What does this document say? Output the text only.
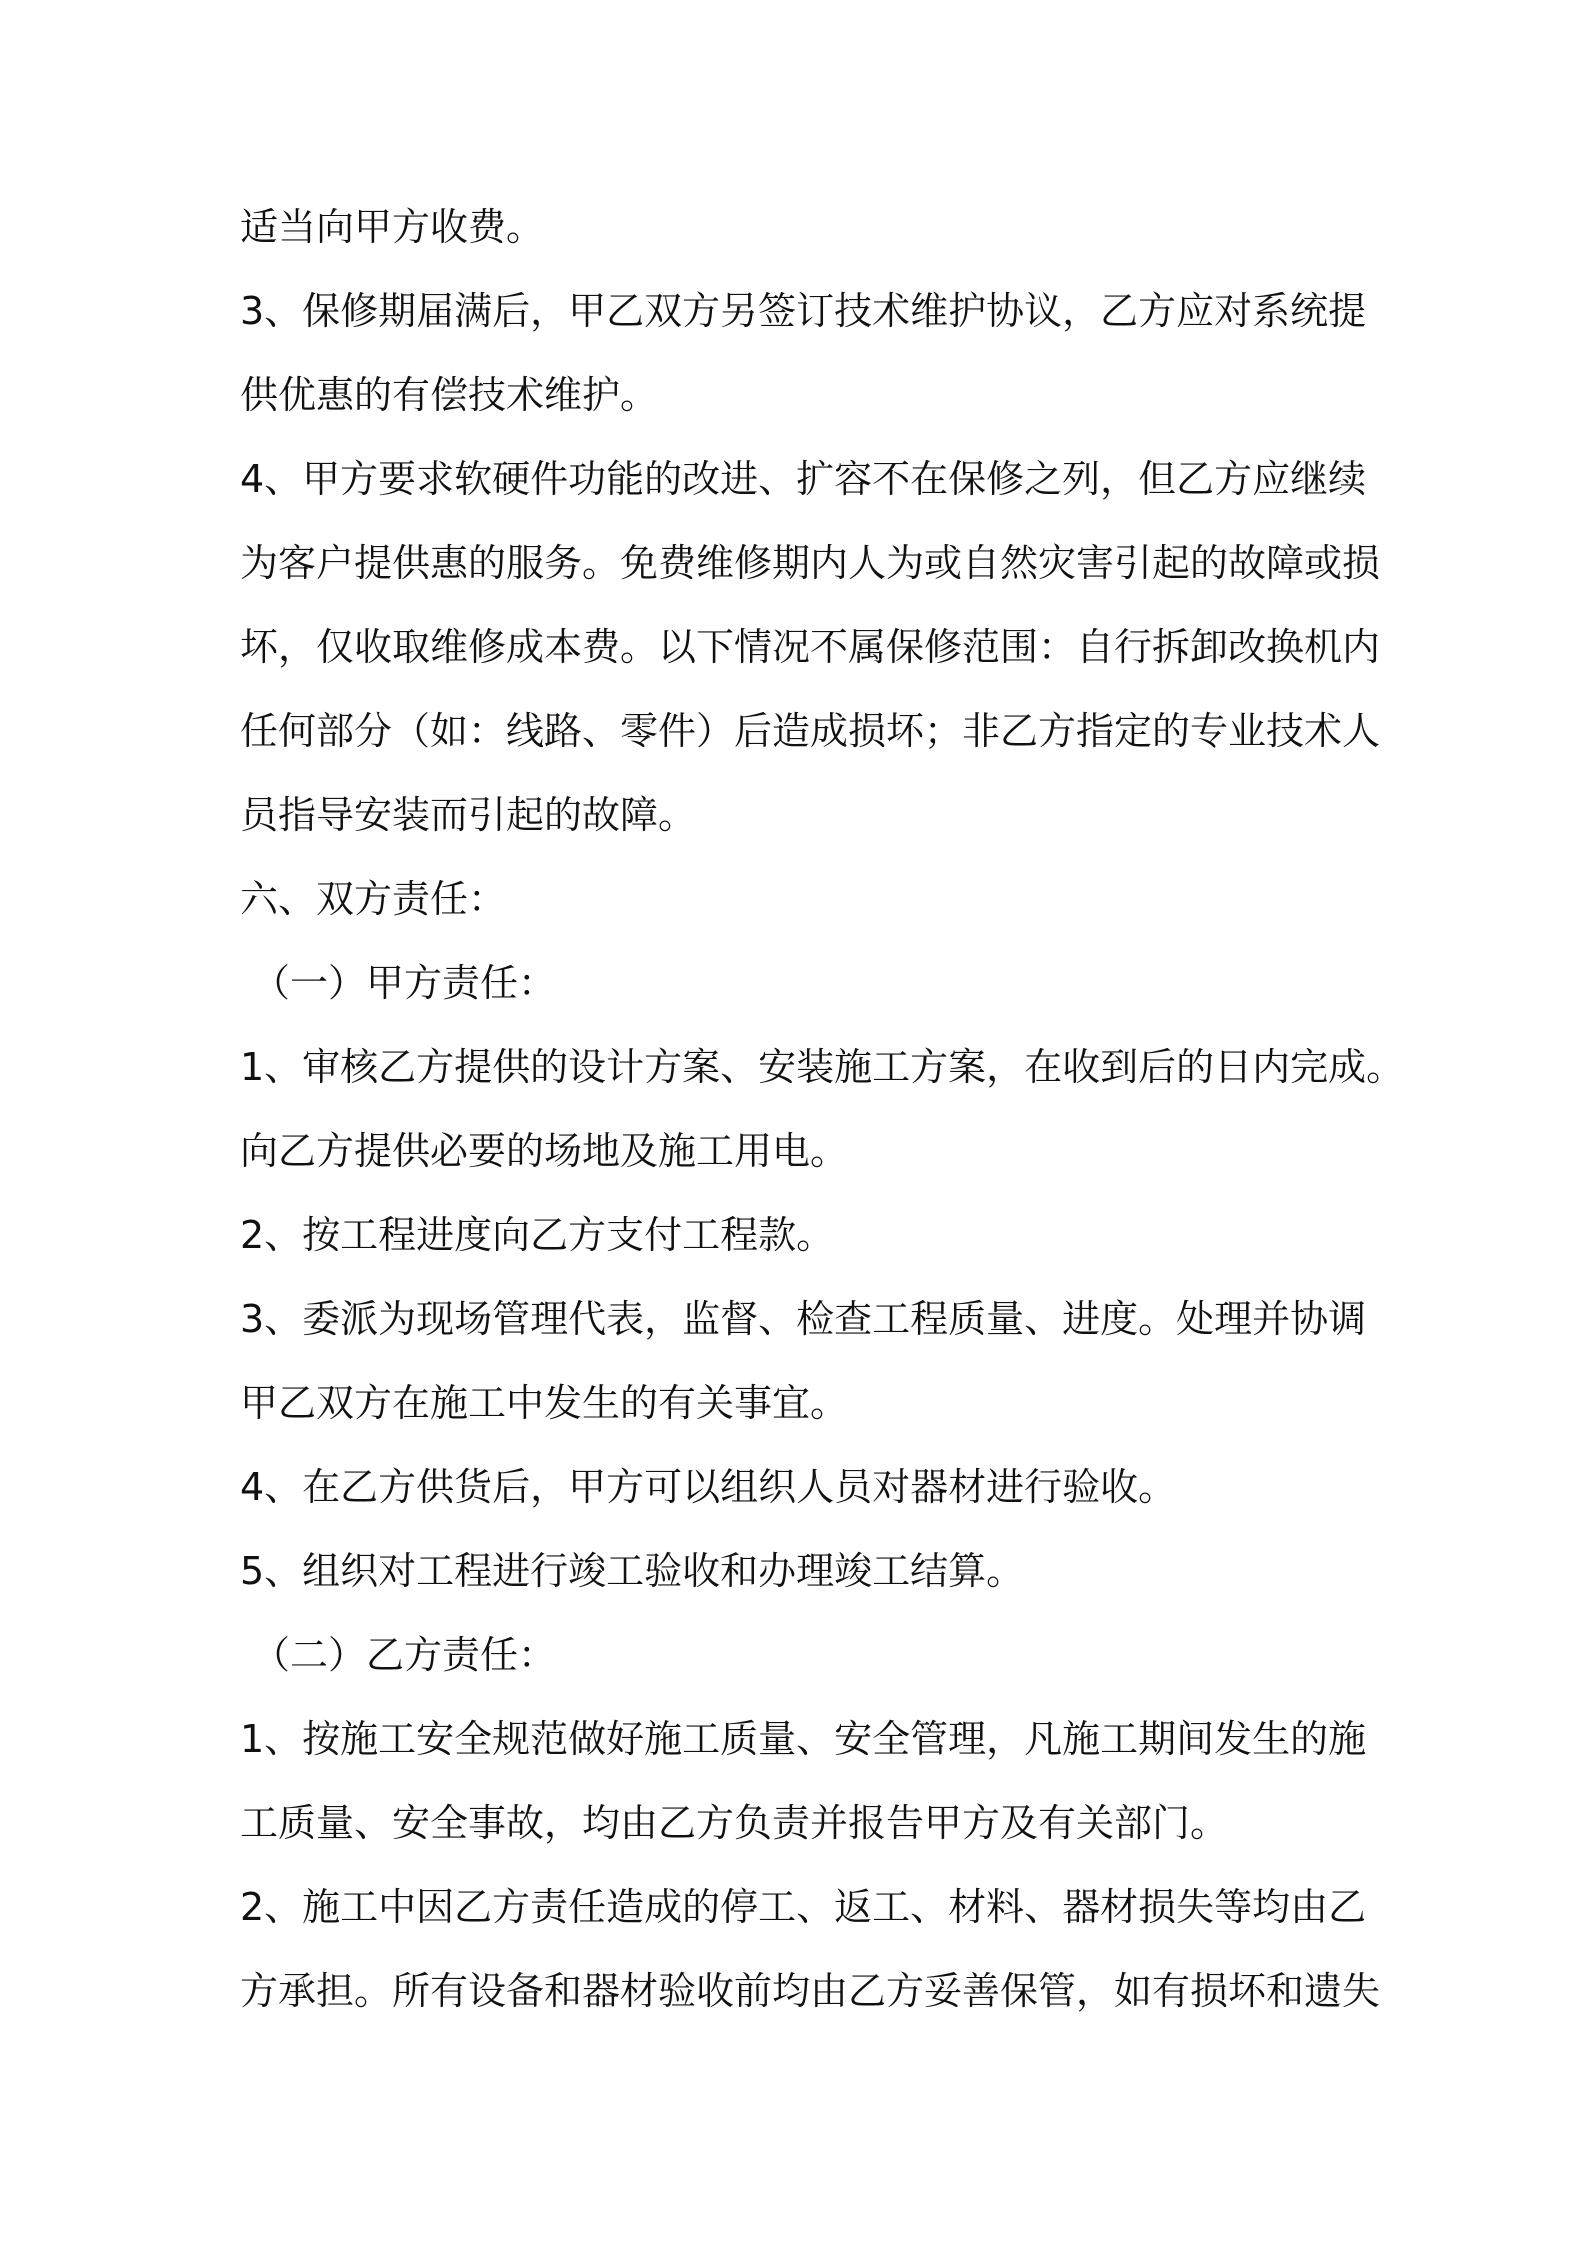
适当向甲方收费。
3、保修期届满后，甲乙双方另签订技术维护协议，乙方应对系统提
供优惠的有偿技术维护。
4、甲方要求软硬件功能的改进、扩容不在保修之列，但乙方应继续
为客户提供惠的服务。免费维修期内人为或自然灾害引起的故障或损
坏，仅收取维修成本费。以下情况不属保修范围：自行拆卸改换机内
任何部分（如：线路、零件）后造成损坏；非乙方指定的专业技术人
员指导安装而引起的故障。
六、双方责任：
（一）甲方责任：
1、审核乙方提供的设计方案、安装施工方案，在收到后的日内完成。
向乙方提供必要的场地及施工用电。
2、按工程进度向乙方支付工程款。
3、委派为现场管理代表，监督、检查工程质量、进度。处理并协调
甲乙双方在施工中发生的有关事宜。
4、在乙方供货后，甲方可以组织人员对器材进行验收。
5、组织对工程进行竣工验收和办理竣工结算。
（二）乙方责任：
1、按施工安全规范做好施工质量、安全管理，凡施工期间发生的施
工质量、安全事故，均由乙方负责并报告甲方及有关部门。
2、施工中因乙方责任造成的停工、返工、材料、器材损失等均由乙
方承担。所有设备和器材验收前均由乙方妥善保管，如有损坏和遗失
